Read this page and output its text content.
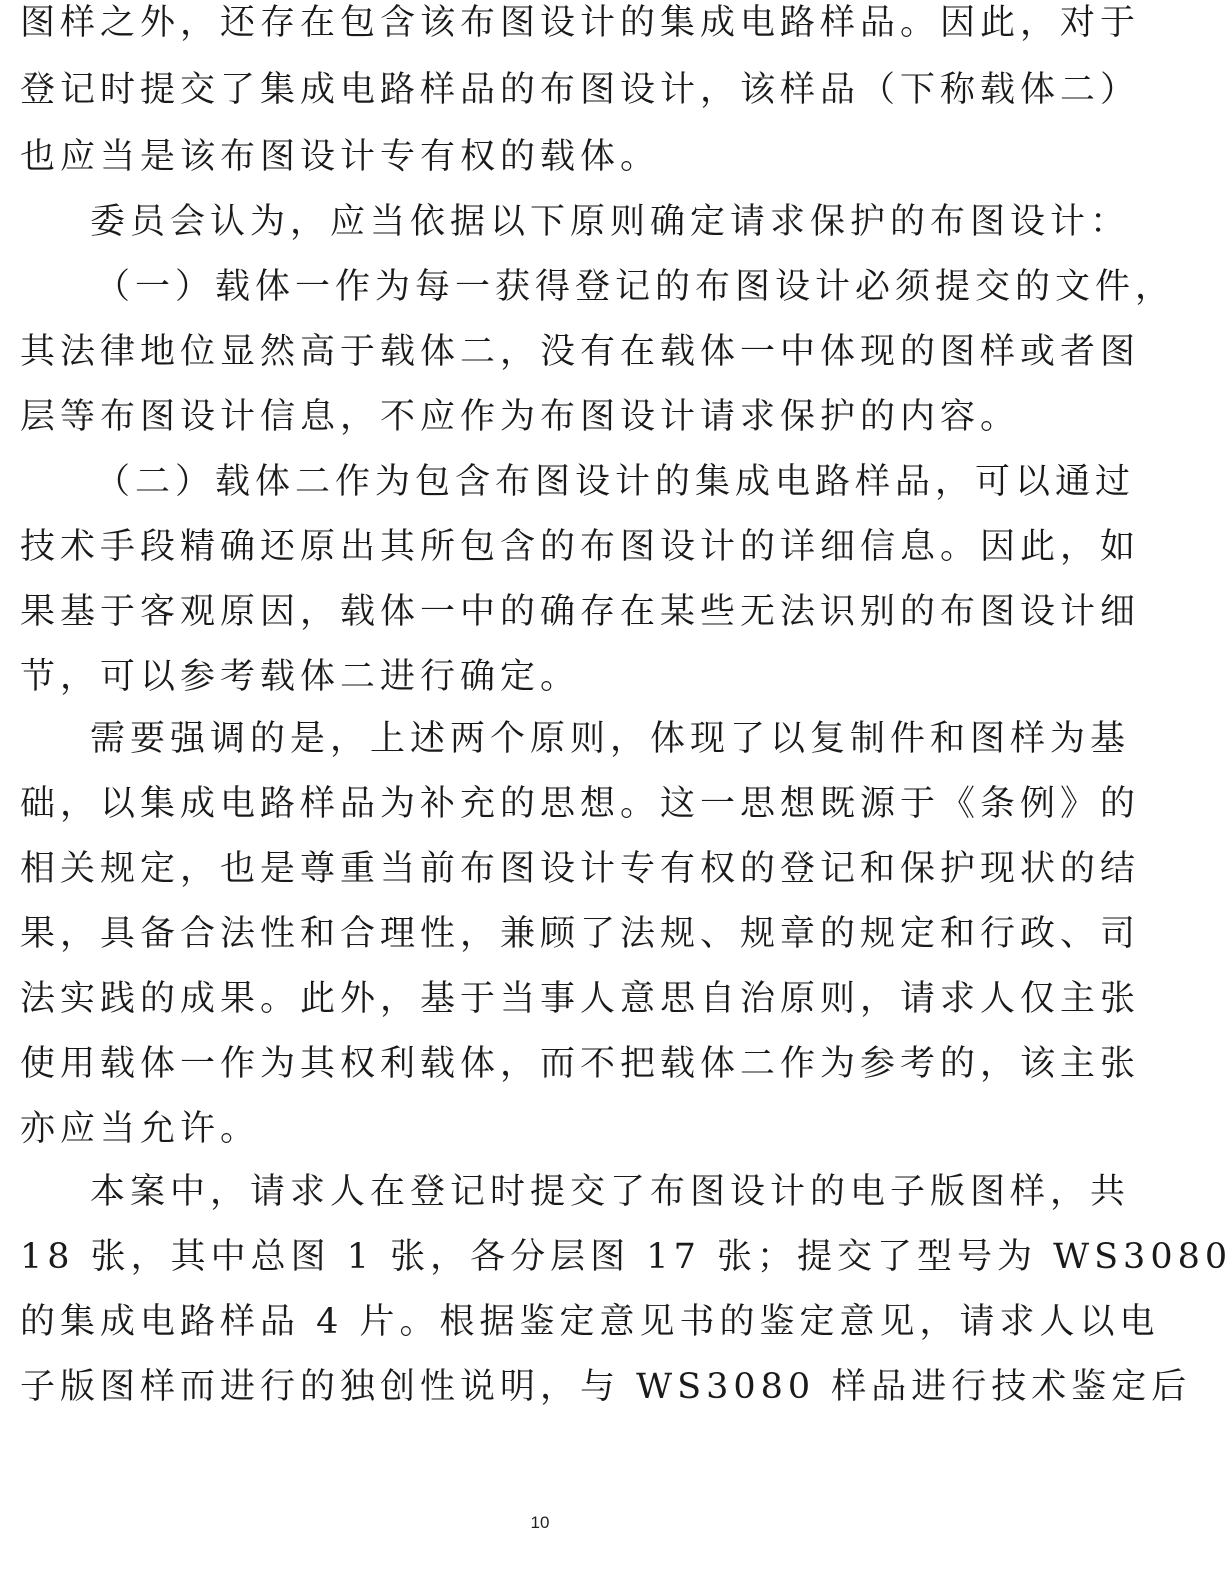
图样之外，还存在包含该布图设计的集成电路样品。因此，对于
登记时提交了集成电路样品的布图设计，该样品（下称载体二）
也应当是该布图设计专有权的载体。
委员会认为，应当依据以下原则确定请求保护的布图设计：
（一）载体一作为每一获得登记的布图设计必须提交的文件，
其法律地位显然高于载体二，没有在载体一中体现的图样或者图
层等布图设计信息，不应作为布图设计请求保护的内容。
（二）载体二作为包含布图设计的集成电路样品，可以通过
技术手段精确还原出其所包含的布图设计的详细信息。因此，如
果基于客观原因，载体一中的确存在某些无法识别的布图设计细
节，可以参考载体二进行确定。
需要强调的是，上述两个原则，体现了以复制件和图样为基
础，以集成电路样品为补充的思想。这一思想既源于《条例》的
相关规定，也是尊重当前布图设计专有权的登记和保护现状的结
果，具备合法性和合理性，兼顾了法规、规章的规定和行政、司
法实践的成果。此外，基于当事人意思自治原则，请求人仅主张
使用载体一作为其权利载体，而不把载体二作为参考的，该主张
亦应当允许。
本案中，请求人在登记时提交了布图设计的电子版图样，共
18 张，其中总图 1 张，各分层图 17 张；提交了型号为 WS3080
的集成电路样品 4 片。根据鉴定意见书的鉴定意见，请求人以电
子版图样而进行的独创性说明，与 WS3080 样品进行技术鉴定后
10
